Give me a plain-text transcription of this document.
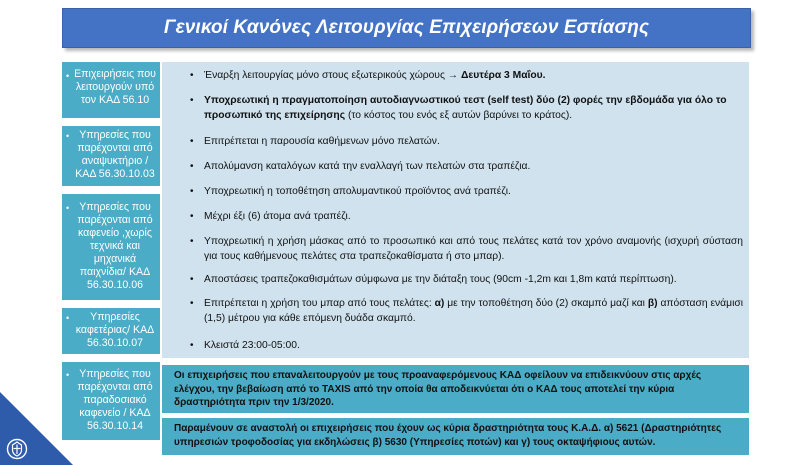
Γενικοί Κανόνες Λειτουργίας Επιχειρήσεων Εστίασης
• Επιχειρήσεις που λειτουργούν υπό τον ΚΑΔ 56.10
• Υπηρεσίες που παρέχονται από αναψυκτήριο /ΚΑΔ 56.30.10.03
• Υπηρεσίες που παρέχονται από καφενείο ,χωρίς τεχνικά και μηχανικά παιχνίδια/ ΚΑΔ 56.30.10.06
• Υπηρεσίες καφετέριας/ ΚΑΔ 56.30.10.07
• Υπηρεσίες που παρέχονται από παραδοσιακό καφενείο / ΚΑΔ 56.30.10.14
• Έναρξη λειτουργίας μόνο στους εξωτερικούς χώρους → Δευτέρα 3 Μαΐου.
• Υποχρεωτική η πραγματοποίηση αυτοδιαγνωστικού τεστ (self test) δύο (2) φορές την εβδομάδα για όλο το προσωπικό της επιχείρησης (το κόστος του ενός εξ αυτών βαρύνει το κράτος).
• Επιτρέπεται η παρουσία καθήμενων μόνο πελατών.
• Απολύμανση καταλόγων κατά την εναλλαγή των πελατών στα τραπέζια.
• Υποχρεωτική η τοποθέτηση απολυμαντικού προϊόντος ανά τραπέζι.
• Μέχρι έξι (6) άτομα ανά τραπέζι.
• Υποχρεωτική η χρήση μάσκας από το προσωπικό και από τους πελάτες κατά τον χρόνο αναμονής (ισχυρή σύσταση για τους καθήμενους πελάτες στα τραπεζοκαθίσματα ή στο μπαρ).
• Αποστάσεις τραπεζοκαθισμάτων σύμφωνα με την διάταξη τους (90cm -1,2m και 1,8m κατά περίπτωση).
• Επιτρέπεται η χρήση του μπαρ από τους πελάτες: α) με την τοποθέτηση δύο (2) σκαμπό μαζί και β) απόσταση ενάμισι (1,5) μέτρου για κάθε επόμενη δυάδα σκαμπό.
• Κλειστά 23:00-05:00.
Οι επιχειρήσεις που επαναλειτουργούν με τους προαναφερόμενους ΚΑΔ οφείλουν να επιδεικνύουν στις αρχές ελέγχου, την βεβαίωση από το TAXIS από την οποία θα αποδεικνύεται ότι ο ΚΑΔ τους αποτελεί την κύρια δραστηριότητα πριν την 1/3/2020.
Παραμένουν σε αναστολή οι επιχειρήσεις που έχουν ως κύρια δραστηριότητα τους Κ.Α.Δ. α) 5621 (Δραστηριότητες υπηρεσιών τροφοδοσίας για εκδηλώσεις β) 5630 (Υπηρεσίες ποτών) και γ) τους οκταψήφιους αυτών.
